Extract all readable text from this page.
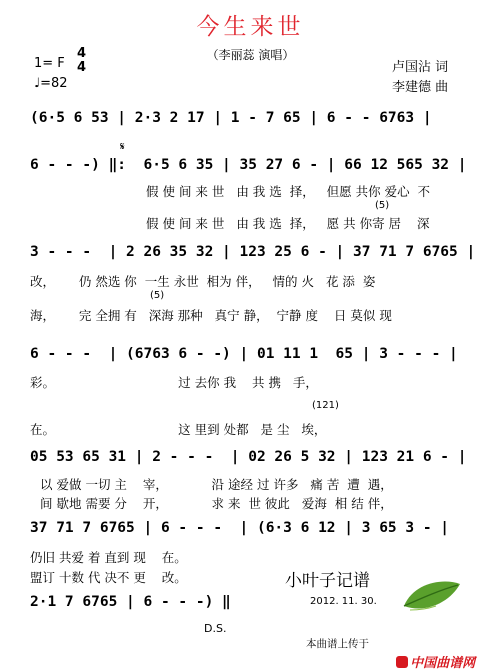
今生来世
（李丽蕊 演唱）
1= F
4
4
♩=82
卢国沾 词
李建德 曲
(6·5 6 53 | 2·3 2 17 | 1 - 7 65 | 6 - - 6763 |
𝄋
6 - - -) ‖:  6·5 6 35 | 35 27 6 - | 66 12 565 32 |
假 使 间 来 世   由 我 选  择，   但愿 共你 爱心  不
(5)
假 使 间 来 世   由 我 选  择，   愿 共 你寄 居    深
3 - - -  | 2 26 35 32 | 123 25 6 - | 37 71 7 6765 |
改，      仍 然选 你  一生 永世  相为 伴，   情的 火   花 添  姿
(5)
海，      完 全拥 有   深海 那种   真宁 静，  宁静 度    日 莫似 现
6 - - -  | (6763 6 - -) | 01 11 1  65 | 3 - - - |
彩。                               过 去你 我    共 携   手，
(121)
在。                               这 里到 处都   是 尘   埃，
05 53 65 31 | 2 - - -  | 02 26 5 32 | 123 21 6 - |
以 爱做 一切 主    宰，           沿 途经 过 许多   痛 苦  遭  遇，
间 歇地 需要 分    开，           求 来  世 彼此   爱海  相 结 伴，
37 71 7 6765 | 6 - - -  | (6·3 6 12 | 3 65 3 - |
仍旧 共爱 着 直到 现    在。
盟订 十数 代 决不 更    改。	小叶子记谱
2012. 11. 30.
2·1 7 6765 | 6 - - -) ‖
D.S.
本曲谱上传于

中国曲谱网
